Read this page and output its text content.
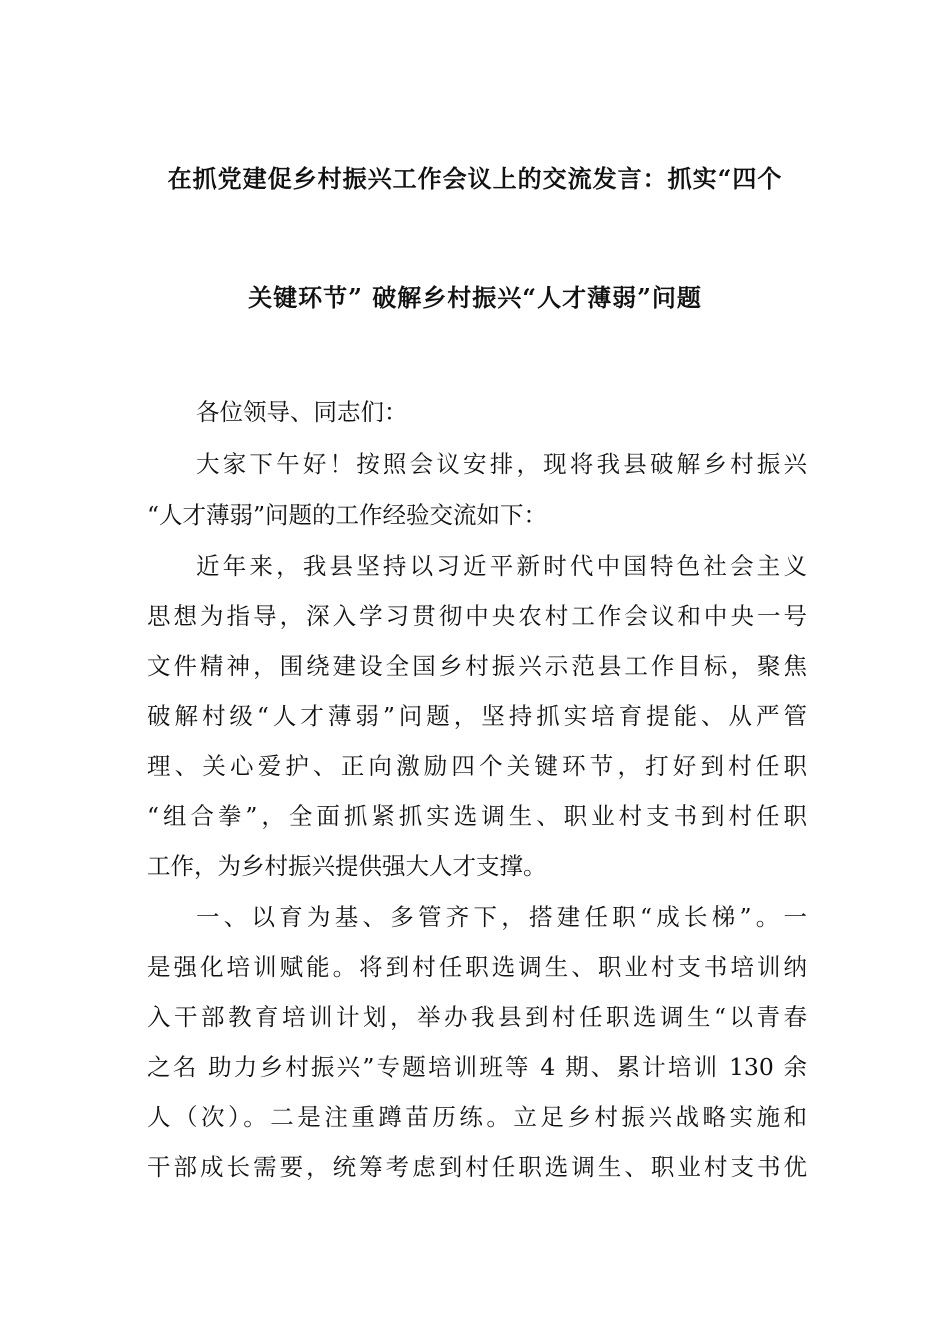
在抓党建促乡村振兴工作会议上的交流发言：抓实“四个
关键环节” 破解乡村振兴“人才薄弱”问题
各位领导、同志们：
大家下午好！按照会议安排，现将我县破解乡村振兴
“人才薄弱”问题的工作经验交流如下：
近年来，我县坚持以习近平新时代中国特色社会主义
思想为指导，深入学习贯彻中央农村工作会议和中央一号
文件精神，围绕建设全国乡村振兴示范县工作目标，聚焦
破解村级“人才薄弱”问题，坚持抓实培育提能、从严管
理、关心爱护、正向激励四个关键环节，打好到村任职
“组合拳”，全面抓紧抓实选调生、职业村支书到村任职
工作，为乡村振兴提供强大人才支撑。
一、以育为基、多管齐下，搭建任职“成长梯”。一
是强化培训赋能。将到村任职选调生、职业村支书培训纳
入干部教育培训计划，举办我县到村任职选调生“以青春
之名 助力乡村振兴”专题培训班等 4 期、累计培训 130 余
人（次）。二是注重蹲苗历练。立足乡村振兴战略实施和
干部成长需要，统筹考虑到村任职选调生、职业村支书优
